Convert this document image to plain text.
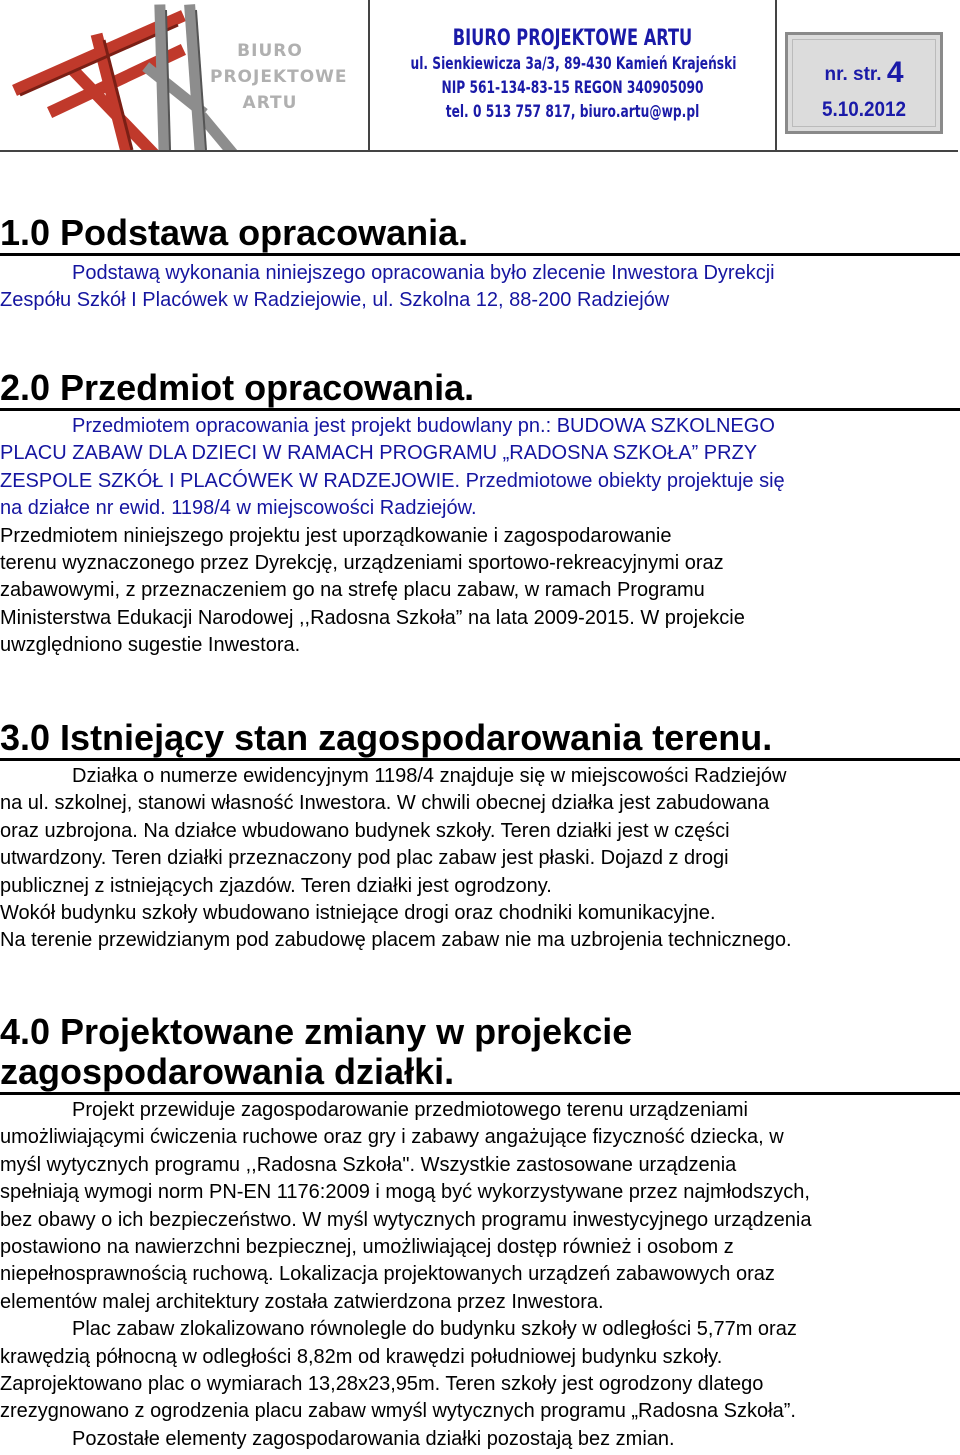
BIURO
PROJEKTOWE
ARTU
BIURO PROJEKTOWE ARTU
ul. Sienkiewicza 3a/3, 89-430 Kamień Krajeński
NIP 561-134-83-15 REGON 340905090
tel. 0 513 757 817, biuro.artu@wp.pl
nr. str. 4
5.10.2012
1.0 Podstawa opracowania.

Podstawą wykonania niniejszego opracowania było zlecenie Inwestora Dyrekcji
Zespółu Szkół I Placówek w Radziejowie, ul. Szkolna 12, 88-200 Radziejów

2.0 Przedmiot opracowania.

Przedmiotem opracowania jest projekt budowlany pn.: BUDOWA SZKOLNEGO
PLACU ZABAW DLA DZIECI W RAMACH PROGRAMU „RADOSNA SZKOŁA” PRZY
ZESPOLE SZKÓŁ I PLACÓWEK W RADZEJOWIE. Przedmiotowe obiekty projektuje się
na działce nr ewid. 1198/4 w miejscowości Radziejów.

Przedmiotem niniejszego projektu jest uporządkowanie i zagospodarowanie
terenu wyznaczonego przez Dyrekcję, urządzeniami sportowo-rekreacyjnymi oraz
zabawowymi, z przeznaczeniem go na strefę placu zabaw, w ramach Programu
Ministerstwa Edukacji Narodowej ,,Radosna Szkoła” na lata 2009-2015. W projekcie
uwzględniono sugestie Inwestora.

3.0 Istniejący stan zagospodarowania terenu.

Działka o numerze ewidencyjnym 1198/4 znajduje się w miejscowości Radziejów
na ul. szkolnej, stanowi własność Inwestora. W chwili obecnej działka jest zabudowana
oraz uzbrojona. Na działce wbudowano budynek szkoły. Teren działki jest w części
utwardzony. Teren działki przeznaczony pod plac zabaw jest płaski. Dojazd z drogi
publicznej z istniejących zjazdów. Teren działki jest ogrodzony.
Wokół budynku szkoły wbudowano istniejące drogi oraz chodniki komunikacyjne.
Na terenie przewidzianym pod zabudowę placem zabaw nie ma uzbrojenia technicznego.

4.0 Projektowane zmiany w projekcie
zagospodarowania działki.

Projekt przewiduje zagospodarowanie przedmiotowego terenu urządzeniami
umożliwiającymi ćwiczenia ruchowe oraz gry i zabawy angażujące fizyczność dziecka, w
myśl wytycznych programu ,,Radosna Szkoła". Wszystkie zastosowane urządzenia
spełniają wymogi norm PN-EN 1176:2009 i mogą być wykorzystywane przez najmłodszych,
bez obawy o ich bezpieczeństwo. W myśl wytycznych programu inwestycyjnego urządzenia
postawiono na nawierzchni bezpiecznej, umożliwiającej dostęp również i osobom z
niepełnosprawnością ruchową. Lokalizacja projektowanych urządzeń zabawowych oraz
elementów malej architektury została zatwierdzona przez Inwestora.
Plac zabaw zlokalizowano równolegle do budynku szkoły w odległości 5,77m oraz
krawędzią północną w odległości 8,82m od krawędzi południowej budynku szkoły.
Zaprojektowano plac o wymiarach 13,28x23,95m. Teren szkoły jest ogrodzony dlatego
zrezygnowano z ogrodzenia placu zabaw wmyśl wytycznych programu „Radosna Szkoła”.
Pozostałe elementy zagospodarowania działki pozostają bez zmian.
